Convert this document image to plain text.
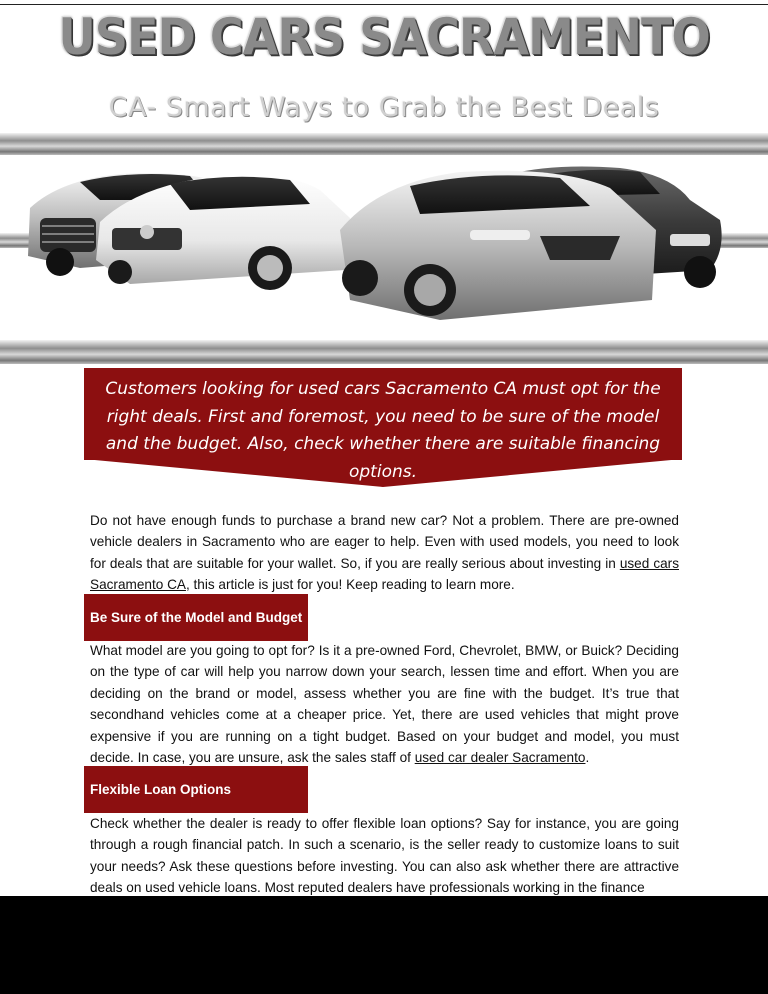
USED CARS SACRAMENTO
CA- Smart Ways to Grab the Best Deals
Customers looking for used cars Sacramento CA must opt for the right deals. First and foremost, you need to be sure of the model and the budget. Also, check whether there are suitable financing options.
Do not have enough funds to purchase a brand new car? Not a problem. There are pre-owned vehicle dealers in Sacramento who are eager to help. Even with used models, you need to look for deals that are suitable for your wallet. So, if you are really serious about investing in used cars Sacramento CA, this article is just for you! Keep reading to learn more.
Be Sure of the Model and Budget
What model are you going to opt for? Is it a pre-owned Ford, Chevrolet, BMW, or Buick? Deciding on the type of car will help you narrow down your search, lessen time and effort. When you are deciding on the brand or model, assess whether you are fine with the budget. It’s true that secondhand vehicles come at a cheaper price. Yet, there are used vehicles that might prove expensive if you are running on a tight budget. Based on your budget and model, you must decide. In case, you are unsure, ask the sales staff of used car dealer Sacramento.
Flexible Loan Options
Check whether the dealer is ready to offer flexible loan options? Say for instance, you are going through a rough financial patch. In such a scenario, is the seller ready to customize loans to suit your needs? Ask these questions before investing. You can also ask whether there are attractive deals on used vehicle loans. Most reputed dealers have professionals working in the finance
